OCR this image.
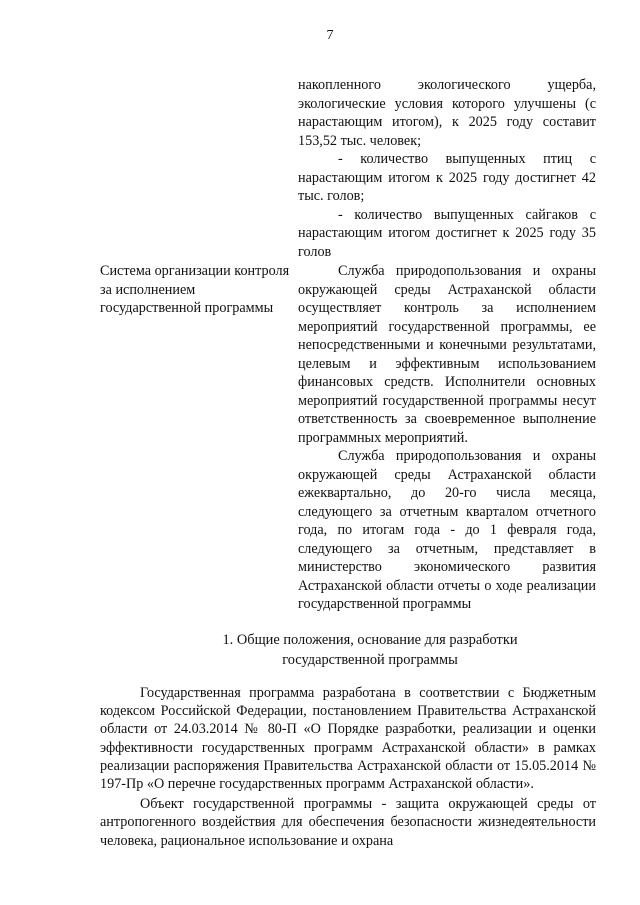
7

накопленного экологического ущерба, экологические условия которого улучшены (с нарастающим итогом), к 2025 году составит 153,52 тыс. человек;

- количество выпущенных птиц с нарастающим итогом к 2025 году достигнет 42 тыс. голов;

- количество выпущенных сайгаков с нарастающим итогом достигнет к 2025 году 35 голов

Система организации контроля за исполнением государственной программы

Служба природопользования и охраны окружающей среды Астраханской области осуществляет контроль за исполнением мероприятий государственной программы, ее непосредственными и конечными результатами, целевым и эффективным использованием финансовых средств. Исполнители основных мероприятий государственной программы несут ответственность за своевременное выполнение программных мероприятий.

Служба природопользования и охраны окружающей среды Астраханской области ежеквартально, до 20-го числа месяца, следующего за отчетным кварталом отчетного года, по итогам года - до 1 февраля года, следующего за отчетным, представляет в министерство экономического развития Астраханской области отчеты о ходе реализации государственной программы

1. Общие положения, основание для разработки
государственной программы

Государственная программа разработана в соответствии с Бюджетным кодексом Российской Федерации, постановлением Правительства Астраханской области от 24.03.2014 № 80-П «О Порядке разработки, реализации и оценки эффективности государственных программ Астраханской области» в рамках реализации распоряжения Правительства Астраханской области от 15.05.2014 № 197-Пр «О перечне государственных программ Астраханской области».

Объект государственной программы - защита окружающей среды от антропогенного воздействия для обеспечения безопасности жизнедеятельности человека, рациональное использование и охрана
